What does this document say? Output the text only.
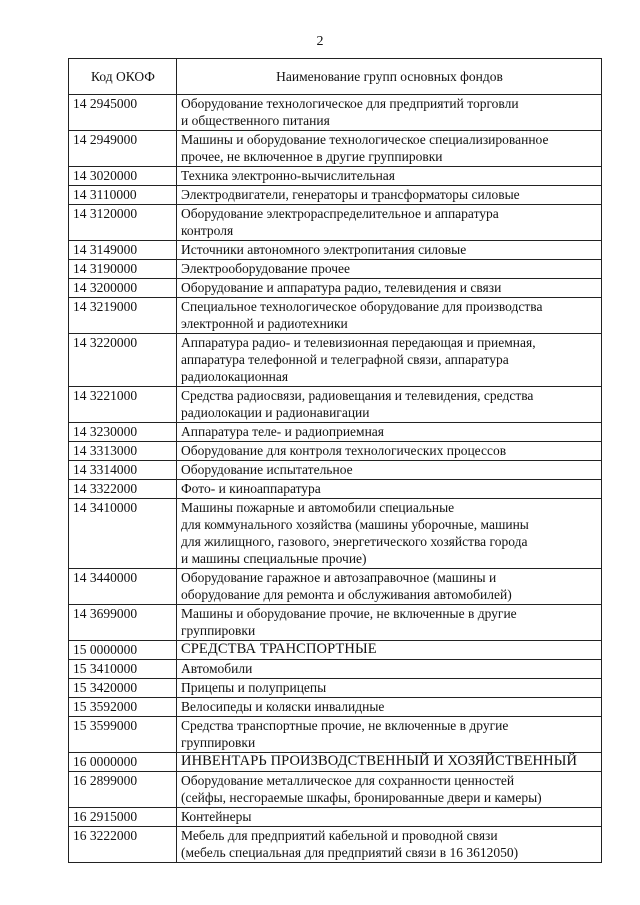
2
Код ОКОФ	Наименование групп основных фондов
14 2945000	Оборудование технологическое для предприятий торговли
и общественного питания
14 2949000	Машины и оборудование технологическое специализированное
прочее, не включенное в другие группировки
14 3020000	Техника электронно-вычислительная
14 3110000	Электродвигатели, генераторы и трансформаторы силовые
14 3120000	Оборудование электрораспределительное и аппаратура
контроля
14 3149000	Источники автономного электропитания силовые
14 3190000	Электрооборудование прочее
14 3200000	Оборудование и аппаратура радио, телевидения и связи
14 3219000	Специальное технологическое оборудование для производства
электронной и радиотехники
14 3220000	Аппаратура радио- и телевизионная передающая и приемная,
аппаратура телефонной и телеграфной связи, аппаратура
радиолокационная
14 3221000	Средства радиосвязи, радиовещания и телевидения, средства
радиолокации и радионавигации
14 3230000	Аппаратура теле- и радиоприемная
14 3313000	Оборудование для контроля технологических процессов
14 3314000	Оборудование испытательное
14 3322000	Фото- и киноаппаратура
14 3410000	Машины пожарные и автомобили специальные
для коммунального хозяйства (машины уборочные, машины
для жилищного, газового, энергетического хозяйства города
и машины специальные прочие)
14 3440000	Оборудование гаражное и автозаправочное (машины и
оборудование для ремонта и обслуживания автомобилей)
14 3699000	Машины и оборудование прочие, не включенные в другие
группировки
15 0000000	СРЕДСТВА ТРАНСПОРТНЫЕ
15 3410000	Автомобили
15 3420000	Прицепы и полуприцепы
15 3592000	Велосипеды и коляски инвалидные
15 3599000	Средства транспортные прочие, не включенные в другие
группировки
16 0000000	ИНВЕНТАРЬ ПРОИЗВОДСТВЕННЫЙ И ХОЗЯЙСТВЕННЫЙ
16 2899000	Оборудование металлическое для сохранности ценностей
(сейфы, несгораемые шкафы, бронированные двери и камеры)
16 2915000	Контейнеры
16 3222000	Мебель для предприятий кабельной и проводной связи
(мебель специальная для предприятий связи в 16 3612050)
